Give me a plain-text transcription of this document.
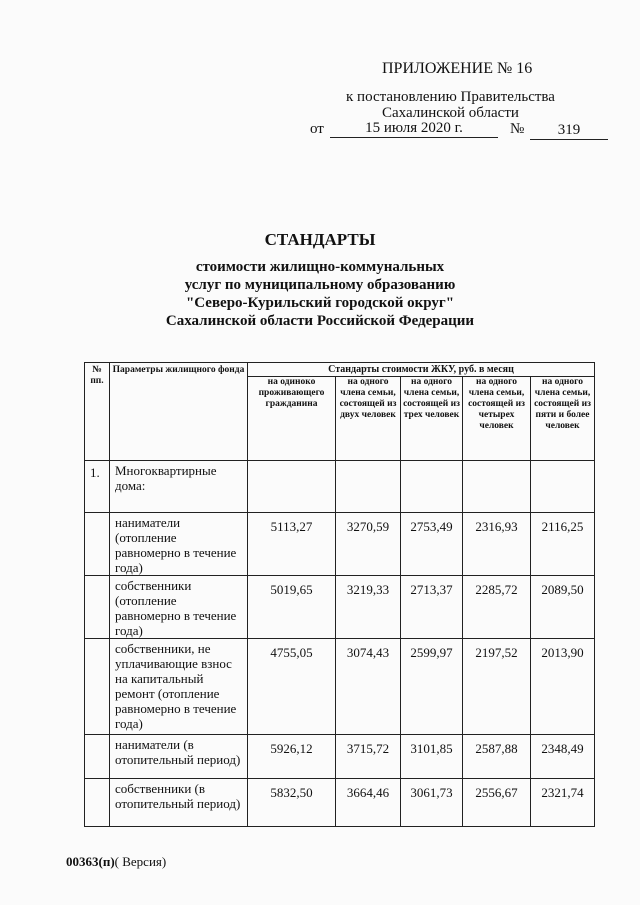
ПРИЛОЖЕНИЕ № 16
к постановлению Правительства
Сахалинской области
от	15 июля 2020 г.	№	319
СТАНДАРТЫ
стоимости жилищно-коммунальных
услуг по муниципальному образованию
"Северо-Курильский городской округ"
Сахалинской области Российской Федерации
№ пп.	Параметры жилищного фонда	Стандарты стоимости ЖКУ, руб. в месяц				
		на одиноко проживающего гражданина	на одного члена семьи, состоящей из двух человек	на одного члена семьи, состоящей из трех человек	на одного члена семьи, состоящей из четырех человек	на одного члена семьи, состоящей из пяти и более человек
1.	Многоквартирные дома:					
	наниматели (отопление равномерно в течение года)	5113,27	3270,59	2753,49	2316,93	2116,25
	собственники (отопление равномерно в течение года)	5019,65	3219,33	2713,37	2285,72	2089,50
	собственники, не уплачивающие взнос на капитальный ремонт (отопление равномерно в течение года)	4755,05	3074,43	2599,97	2197,52	2013,90
	наниматели (в отопительный период)	5926,12	3715,72	3101,85	2587,88	2348,49
	собственники (в отопительный период)	5832,50	3664,46	3061,73	2556,67	2321,74
00363(п)( Версия)
